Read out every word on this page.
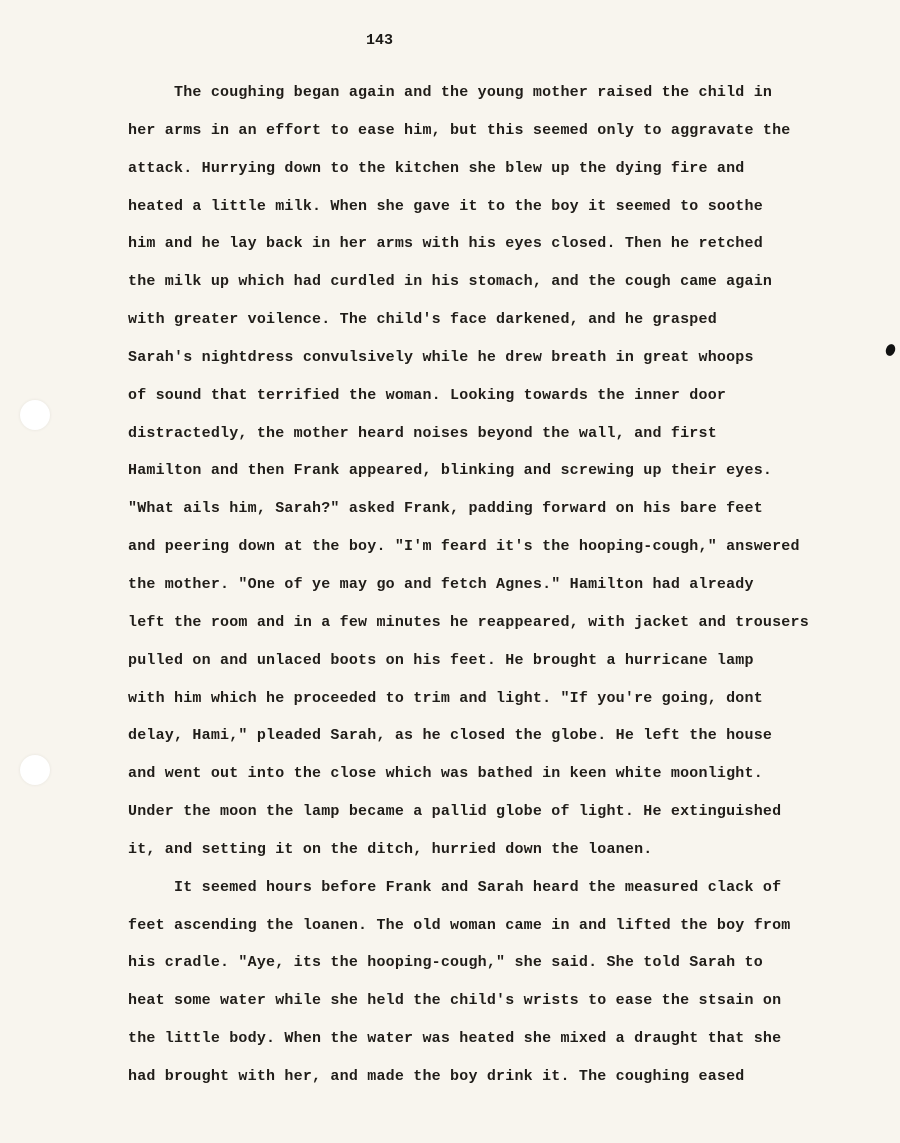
143
The coughing began again and the young mother raised the child in
her arms in an effort to ease him, but this seemed only to aggravate the
attack. Hurrying down to the kitchen she blew up the dying fire and
heated a little milk. When she gave it to the boy it seemed to soothe
him and he lay back in her arms with his eyes closed. Then he retched
the milk up which had curdled in his stomach, and the cough came again
with greater voilence. The child's face darkened, and he grasped
Sarah's nightdress convulsively while he drew breath in great whoops
of sound that terrified the woman. Looking towards the inner door
distractedly, the mother heard noises beyond the wall, and first
Hamilton and then Frank appeared, blinking and screwing up their eyes.
"What ails him, Sarah?" asked Frank, padding forward on his bare feet
and peering down at the boy. "I'm feard it's the hooping-cough," answered
the mother. "One of ye may go and fetch Agnes." Hamilton had already
left the room and in a few minutes he reappeared, with jacket and trousers
pulled on and unlaced boots on his feet. He brought a hurricane lamp
with him which he proceeded to trim and light. "If you're going, dont
delay, Hami," pleaded Sarah, as he closed the globe. He left the house
and went out into the close which was bathed in keen white moonlight.
Under the moon the lamp became a pallid globe of light. He extinguished
it, and setting it on the ditch, hurried down the loanen.
It seemed hours before Frank and Sarah heard the measured clack of
feet ascending the loanen. The old woman came in and lifted the boy from
his cradle. "Aye, its the hooping-cough," she said. She told Sarah to
heat some water while she held the child's wrists to ease the stsain on
the little body. When the water was heated she mixed a draught that she
had brought with her, and made the boy drink it. The coughing eased
